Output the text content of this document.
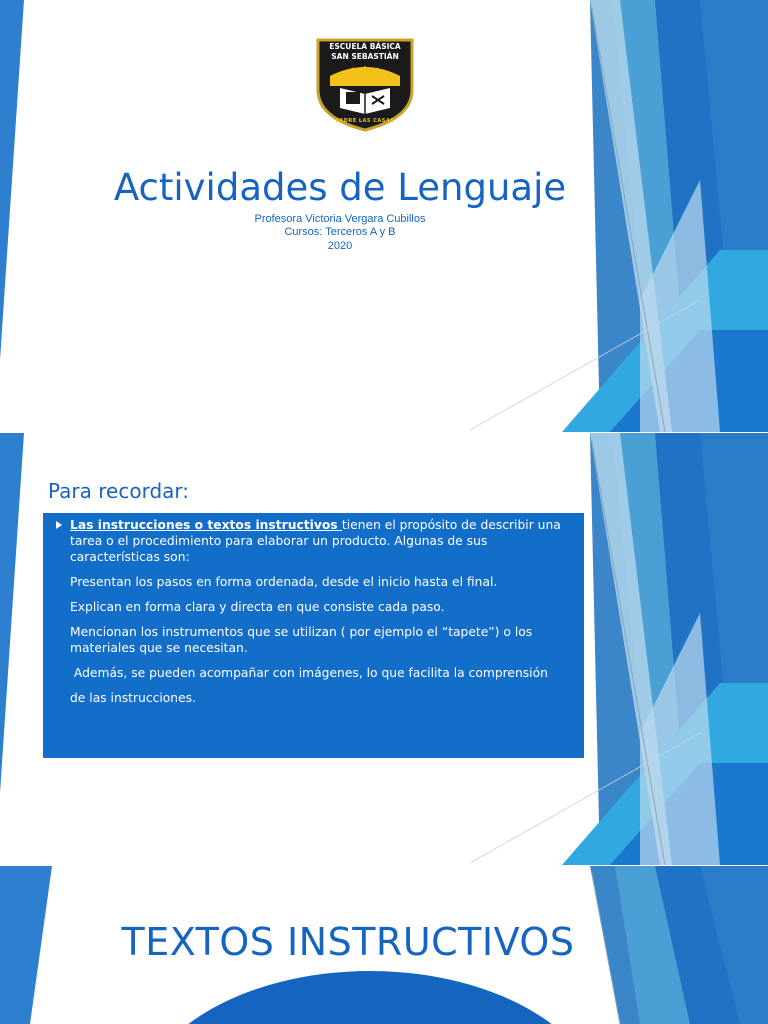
ESCUELA BÁSICA
SAN SEBASTIÁN
PADRE LAS CASAS
Actividades de Lenguaje
Profesora Victoria Vergara Cubillos
Cursos: Terceros A y B
2020
Para recordar:

Las instrucciones o textos instructivos tienen el propósito de describir una tarea o el procedimiento para elaborar un producto. Algunas de sus características son:

Presentan los pasos en forma ordenada, desde el inicio hasta el final.

Explican en forma clara y directa en que consiste cada paso.

Mencionan los instrumentos que se utilizan ( por ejemplo el “tapete”) o los materiales que se necesitan.

Además, se pueden acompañar con imágenes, lo que facilita la comprensión

de las instrucciones.

TEXTOS INSTRUCTIVOS
